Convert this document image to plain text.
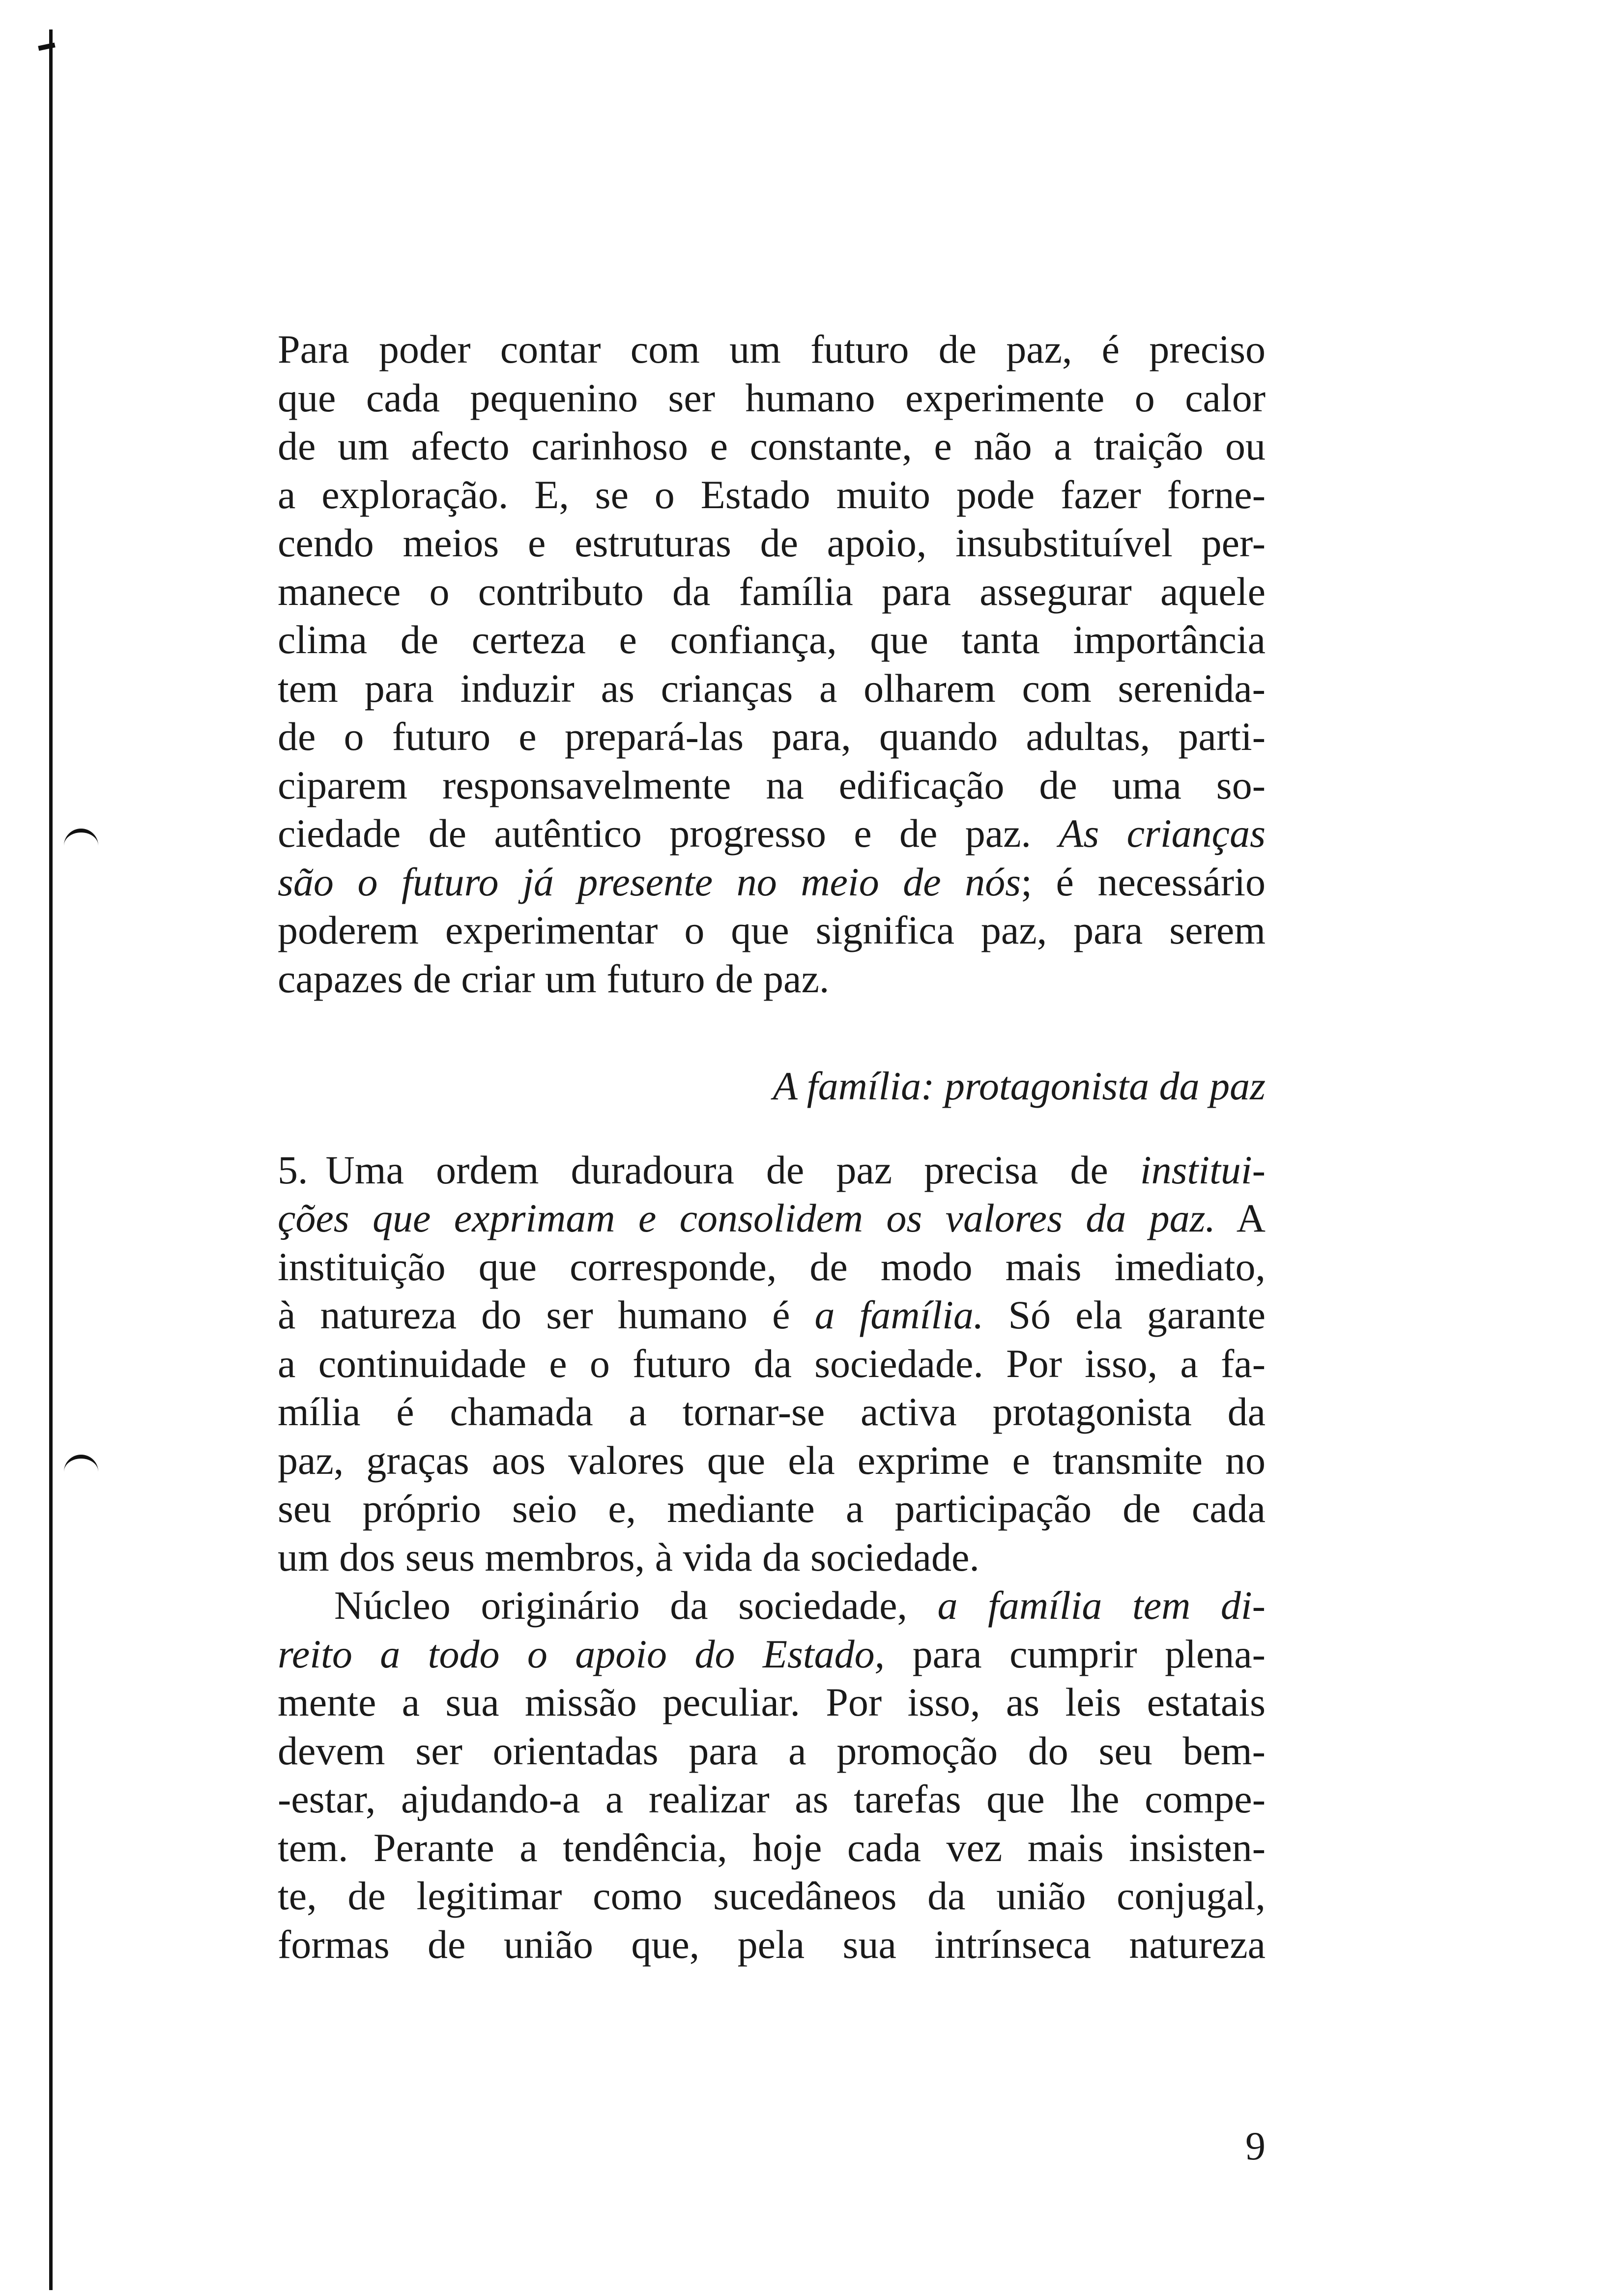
Para poder contar com um futuro de paz, é preciso
que cada pequenino ser humano experimente o calor
de um afecto carinhoso e constante, e não a traição ou
a exploração. E, se o Estado muito pode fazer forne-
cendo meios e estruturas de apoio, insubstituível per-
manece o contributo da família para assegurar aquele
clima de certeza e confiança, que tanta importância
tem para induzir as crianças a olharem com serenida-
de o futuro e prepará-las para, quando adultas, parti-
ciparem responsavelmente na edificação de uma so-
ciedade de autêntico progresso e de paz. As crianças
são o futuro já presente no meio de nós; é necessário
poderem experimentar o que significa paz, para serem
capazes de criar um futuro de paz.
A família: protagonista da paz
5. Uma ordem duradoura de paz precisa de institui-
ções que exprimam e consolidem os valores da paz. A
instituição que corresponde, de modo mais imediato,
à natureza do ser humano é a família. Só ela garante
a continuidade e o futuro da sociedade. Por isso, a fa-
mília é chamada a tornar-se activa protagonista da
paz, graças aos valores que ela exprime e transmite no
seu próprio seio e, mediante a participação de cada
um dos seus membros, à vida da sociedade.
Núcleo originário da sociedade, a família tem di-
reito a todo o apoio do Estado, para cumprir plena-
mente a sua missão peculiar. Por isso, as leis estatais
devem ser orientadas para a promoção do seu bem-
-estar, ajudando-a a realizar as tarefas que lhe compe-
tem. Perante a tendência, hoje cada vez mais insisten-
te, de legitimar como sucedâneos da união conjugal,
formas de união que, pela sua intrínseca natureza
9
